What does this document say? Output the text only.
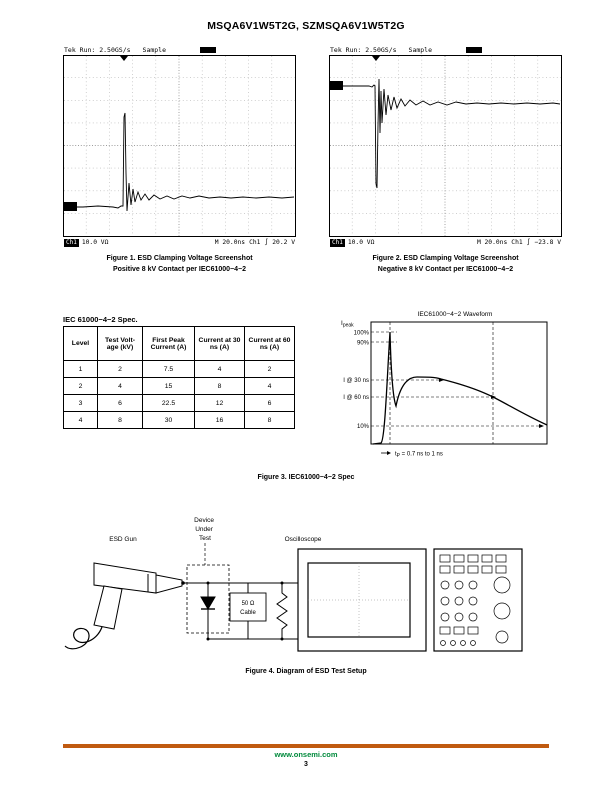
MSQA6V1W5T2G, SZMSQA6V1W5T2G
Tek Run: 2.50GS/s Sample
1→
Ch1 10.0 VΩ	M 20.0ns Ch1 ∫ 20.2 V
Tek Run: 2.50GS/s Sample
1→
Ch1 10.0 VΩ	M 20.0ns Ch1 ∫ −23.8 V
Figure 1. ESD Clamping Voltage Screenshot
Positive 8 kV Contact per IEC61000−4−2
Figure 2. ESD Clamping Voltage Screenshot
Negative 8 kV Contact per IEC61000−4−2
IEC 61000−4−2 Spec.
Level	Test Volt-age (kV)	First Peak Current (A)	Current at 30 ns (A)	Current at 60 ns (A)
1	2	7.5	4	2
2	4	15	8	4
3	6	22.5	12	6
4	8	30	16	8
IEC61000−4−2 Waveform
$I_{peak}$
100%
90%
I @ 30 ns
I @ 60 ns
10%
$t_P = 0.7$ ns to 1 ns
Figure 3. IEC61000−4−2 Spec
ESD Gun
Device Under Test	Oscilloscope
50 Ω
Cable
Figure 4. Diagram of ESD Test Setup
www.onsemi.com
3
